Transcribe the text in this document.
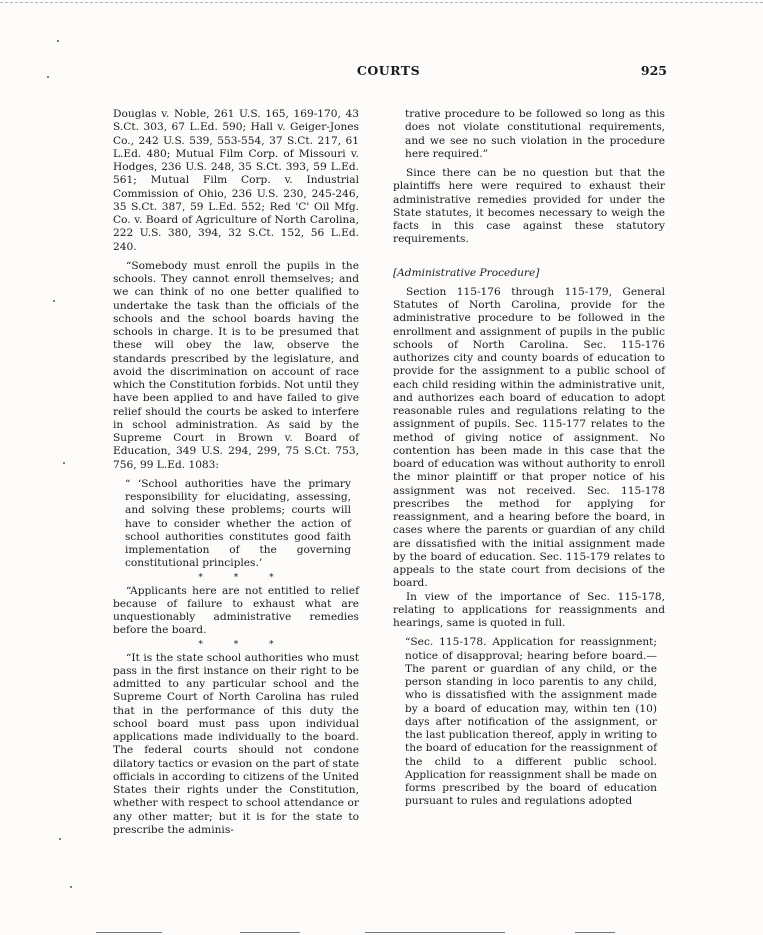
COURTS	925

Douglas v. Noble, 261 U.S. 165, 169-170, 43 S.Ct. 303, 67 L.Ed. 590; Hall v. Geiger-Jones Co., 242 U.S. 539, 553-554, 37 S.Ct. 217, 61 L.Ed. 480; Mutual Film Corp. of Missouri v. Hodges, 236 U.S. 248, 35 S.Ct. 393, 59 L.Ed. 561; Mutual Film Corp. v. Industrial Commission of Ohio, 236 U.S. 230, 245-246, 35 S.Ct. 387, 59 L.Ed. 552; Red 'C' Oil Mfg. Co. v. Board of Agriculture of North Carolina, 222 U.S. 380, 394, 32 S.Ct. 152, 56 L.Ed. 240.

“Somebody must enroll the pupils in the schools. They cannot enroll themselves; and we can think of no one better qualified to undertake the task than the officials of the schools and the school boards having the schools in charge. It is to be presumed that these will obey the law, observe the standards prescribed by the legislature, and avoid the discrimination on account of race which the Constitution forbids. Not until they have been applied to and have failed to give relief should the courts be asked to interfere in school administration. As said by the Supreme Court in Brown v. Board of Education, 349 U.S. 294, 299, 75 S.Ct. 753, 756, 99 L.Ed. 1083:

“ ‘School authorities have the primary responsibility for elucidating, assessing, and solving these problems; courts will have to consider whether the action of school authorities constitutes good faith implementation of the governing constitutional principles.’

* * *

“Applicants here are not entitled to relief because of failure to exhaust what are unquestionably administrative remedies before the board.

* * *

“It is the state school authorities who must pass in the first instance on their right to be admitted to any particular school and the Supreme Court of North Carolina has ruled that in the performance of this duty the school board must pass upon individual applications made individually to the board. The federal courts should not condone dilatory tactics or evasion on the part of state officials in according to citizens of the United States their rights under the Constitution, whether with respect to school attendance or any other matter; but it is for the state to prescribe the adminis-

trative procedure to be followed so long as this does not violate constitutional requirements, and we see no such violation in the procedure here required.”

Since there can be no question but that the plaintiffs here were required to exhaust their administrative remedies provided for under the State statutes, it becomes necessary to weigh the facts in this case against these statutory requirements.

[Administrative Procedure]

Section 115-176 through 115-179, General Statutes of North Carolina, provide for the administrative procedure to be followed in the enrollment and assignment of pupils in the public schools of North Carolina. Sec. 115-176 authorizes city and county boards of education to provide for the assignment to a public school of each child residing within the administrative unit, and authorizes each board of education to adopt reasonable rules and regulations relating to the assignment of pupils. Sec. 115-177 relates to the method of giving notice of assignment. No contention has been made in this case that the board of education was without authority to enroll the minor plaintiff or that proper notice of his assignment was not received. Sec. 115-178 prescribes the method for applying for reassignment, and a hearing before the board, in cases where the parents or guardian of any child are dissatisfied with the initial assignment made by the board of education. Sec. 115-179 relates to appeals to the state court from decisions of the board.

In view of the importance of Sec. 115-178, relating to applications for reassignments and hearings, same is quoted in full.

“Sec. 115-178. Application for reassignment; notice of disapproval; hearing before board.—The parent or guardian of any child, or the person standing in loco parentis to any child, who is dissatisfied with the assignment made by a board of education may, within ten (10) days after notification of the assignment, or the last publication thereof, apply in writing to the board of education for the reassignment of the child to a different public school. Application for reassignment shall be made on forms prescribed by the board of education pursuant to rules and regulations adopted
